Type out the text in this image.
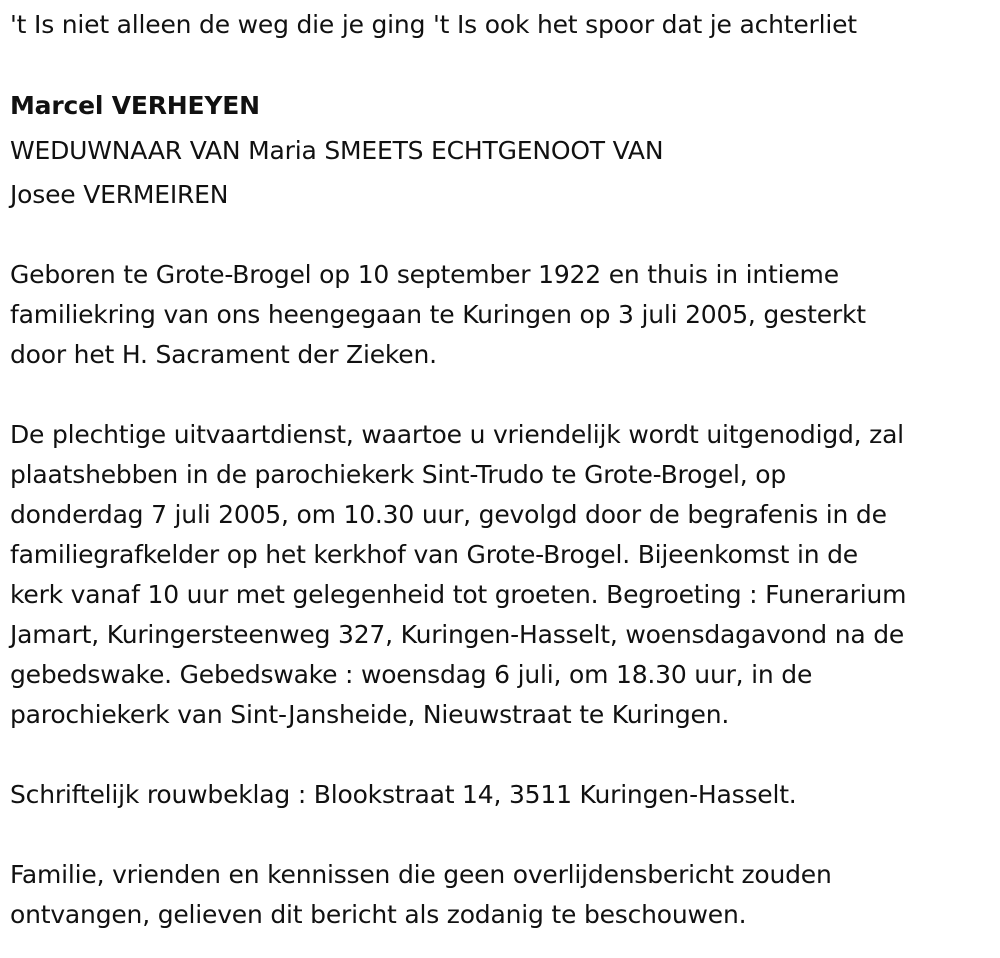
't Is niet alleen de weg die je ging 't Is ook het spoor dat je achterliet
Marcel VERHEYEN
WEDUWNAAR VAN Maria SMEETS ECHTGENOOT VAN
Josee VERMEIREN
Geboren te Grote-Brogel op 10 september 1922 en thuis in intieme
familiekring van ons heengegaan te Kuringen op 3 juli 2005, gesterkt
door het H. Sacrament der Zieken.
De plechtige uitvaartdienst, waartoe u vriendelijk wordt uitgenodigd, zal
plaatshebben in de parochiekerk Sint-Trudo te Grote-Brogel, op
donderdag 7 juli 2005, om 10.30 uur, gevolgd door de begrafenis in de
familiegrafkelder op het kerkhof van Grote-Brogel. Bijeenkomst in de
kerk vanaf 10 uur met gelegenheid tot groeten. Begroeting : Funerarium
Jamart, Kuringersteenweg 327, Kuringen-Hasselt, woensdagavond na de
gebedswake. Gebedswake : woensdag 6 juli, om 18.30 uur, in de
parochiekerk van Sint-Jansheide, Nieuwstraat te Kuringen.
Schriftelijk rouwbeklag : Blookstraat 14, 3511 Kuringen-Hasselt.
Familie, vrienden en kennissen die geen overlijdensbericht zouden
ontvangen, gelieven dit bericht als zodanig te beschouwen.
